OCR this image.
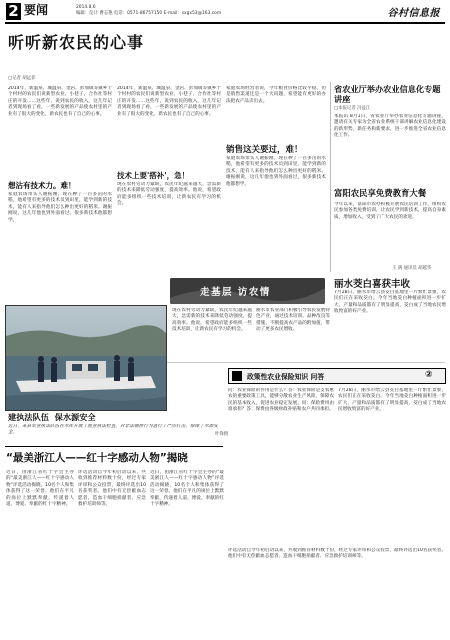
2 要闻	2014.8.6
编辑：仪计 曹志艳 电话：0571-86757150 E-mail：sxgx53@163.com	谷村信息报
听听新农民的心事
□记者 胡远菲
2014年，新温泉、城温泉、金岩、彭加镇等镇乡十个村村的农民们说新型农业、小巷子、合作社等村庄的开发……这些年，说到农民的收入，这几年记者到现场看了看，一些新发展的产品使农村里的产业有了很大的变化，新农民也有了自己的心事。
想沾有技术力。难！
家庭农场带头人谢振刚，现在种了一百多亩的水稻，他希望有更多的技术员到田里，能学到新的技术，能有人来指导他们怎么种出更好的稻米。谢振刚说，这几年他也到外面看过，很多新技术他都想学。
2014年，新温泉、城温泉、金岩、彭加镇等镇乡十个村村的农民们说新型农业、小巷子、合作社等村庄的开发……这些年，说到农民的收入，这几年记者到现场看了看，一些新发展的产品使农村里的产业有了很大的变化，新农民也有了自己的心事。
技术上要'搭补'，急！
现在农村劳动力紧缺，农民年纪越来越大，急需新的技术来降低劳动强度，提高效率。他说，希望政府能多组织一些技术培训，让新农民有学习的机会。
家庭农场经营者说，今年粮食价格比较平稳，但是销售渠道还是一个大问题，希望能有更好的办法把农产品卖出去。
销售这关要过，难！
家庭农场带头人谢振刚，现在种了一百多亩的水稻，他希望有更多的技术员到田里，能学到新的技术，能有人来指导他们怎么种出更好的稻米。谢振刚说，这几年他也到外面看过，很多新技术他都想学。
走基层 访农情
省农业厅举办农业信息化专题讲座
□本报记者 冯益江
本报讯 8月1日，省农业厅举办农业信息化专题讲座，邀请有关专家为全省农业系统干部讲解农业信息化建设的新形势、新任务和新要求，进一步推进全省农业信息化工作。
富阳农民享免费教育大餐
今年以来，富阳市农办积极开展农民培训工作，组织农民参加各类免费培训，让农民学到新技术，提高自身素质，增加收入，受到了广大农民的欢迎。
王 满 通讯员 胡越华
丽水茭白喜获丰收
7月28日，丽水市缙云县茭白基地里一片繁忙景象，农民们正在采收茭白。今年当地茭白种植面积进一步扩大，产量和品质都有了明显提高，茭白成了当地农民增收致富的好产业。
建执法队伍 保水源安全
近日，某县农业执法队伍在水库开展了渔业执法检查，对非法捕捞行为进行了严厉打击，保障了水源安全。	叶锋摄
现在农村劳动力紧缺，农民年纪越来越大，急需新的技术来降低劳动强度，提高效率。他说，希望政府能多组织一些技术培训，让新农民有学习的机会。
丽水市农业部门积极引导农民发展特色产业，通过技术培训、品种改良等措施，不断提高农产品的附加值，带动了更多农民增收。
政策性农业保险知识 问答	②
问：农业保险的作用是什么？答：农业保险是支农惠农的重要政策工具，能够分散农业生产风险，保障农民的基本收入，促进农业稳定发展。问：保险费用由谁承担？答：保费由各级财政补贴和农户共同承担。
7月28日，丽水市缙云县茭白基地里一片繁忙景象，农民们正在采收茭白。今年当地茭白种植面积进一步扩大，产量和品质都有了明显提高，茭白成了当地农民增收致富的好产业。
“最美浙江人——红十字感动人物”揭晓
近日，由浙江省红十字会主办的“最美浙江人——红十字感动人物”评选活动揭晓，10名个人和集体获得了这一荣誉。他们在平凡的岗位上默默奉献，传递着人道、博爱、奉献的红十字精神。
评选活动自今年初启动以来，共收到推荐材料数十份，经过专家评审和公众投票，最终评选出10名获奖者。他们中有无偿献血志愿者、造血干细胞捐献者、应急救护培训师等。
近日，由浙江省红十字会主办的“最美浙江人——红十字感动人物”评选活动揭晓，10名个人和集体获得了这一荣誉。他们在平凡的岗位上默默奉献，传递着人道、博爱、奉献的红十字精神。
评选活动自今年初启动以来，共收到推荐材料数十份，经过专家评审和公众投票，最终评选出10名获奖者。他们中有无偿献血志愿者、造血干细胞捐献者、应急救护培训师等。
